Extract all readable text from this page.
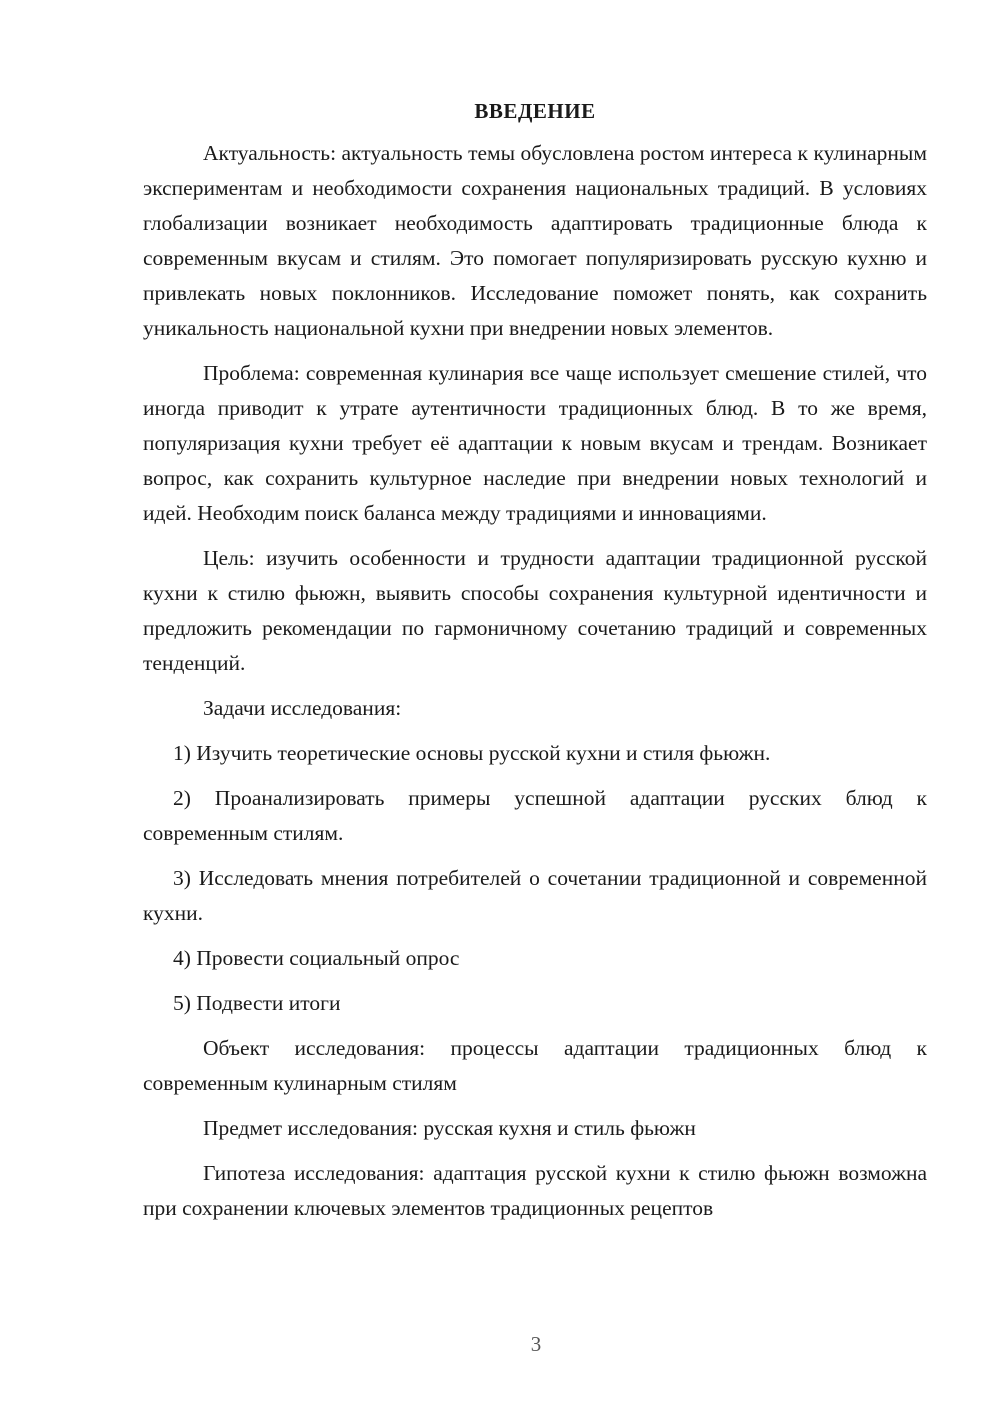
ВВЕДЕНИЕ

Актуальность: актуальность темы обусловлена ростом интереса к кулинарным экспериментам и необходимости сохранения национальных традиций. В условиях глобализации возникает необходимость адаптировать традиционные блюда к современным вкусам и стилям. Это помогает популяризировать русскую кухню и привлекать новых поклонников. Исследование поможет понять, как сохранить уникальность национальной кухни при внедрении новых элементов.

Проблема: современная кулинария все чаще использует смешение стилей, что иногда приводит к утрате аутентичности традиционных блюд. В то же время, популяризация кухни требует её адаптации к новым вкусам и трендам. Возникает вопрос, как сохранить культурное наследие при внедрении новых технологий и идей. Необходим поиск баланса между традициями и инновациями.

Цель: изучить особенности и трудности адаптации традиционной русской кухни к стилю фьюжн, выявить способы сохранения культурной идентичности и предложить рекомендации по гармоничному сочетанию традиций и современных тенденций.

Задачи исследования:

1) Изучить теоретические основы русской кухни и стиля фьюжн.

2) Проанализировать примеры успешной адаптации русских блюд к современным стилям.

3) Исследовать мнения потребителей о сочетании традиционной и современной кухни.

4) Провести социальный опрос

5) Подвести итоги

Объект исследования: процессы адаптации традиционных блюд к современным кулинарным стилям

Предмет исследования: русская кухня и стиль фьюжн

Гипотеза исследования: адаптация русской кухни к стилю фьюжн возможна при сохранении ключевых элементов традиционных рецептов

3
